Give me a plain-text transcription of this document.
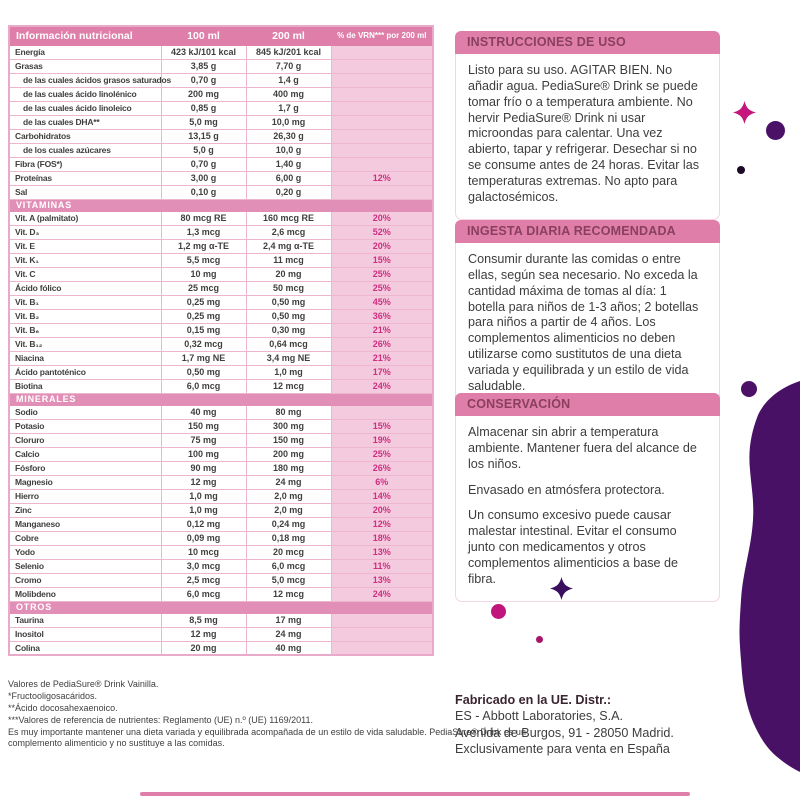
Información nutricional	100 ml	200 ml	% de VRN*** por 200 ml
Energía	423 kJ/101 kcal	845 kJ/201 kcal	
Grasas	3,85 g	7,70 g	
de las cuales ácidos grasos saturados	0,70 g	1,4 g	
de las cuales ácido linolénico	200 mg	400 mg	
de las cuales ácido linoleico	0,85 g	1,7 g	
de las cuales DHA**	5,0 mg	10,0 mg	
Carbohidratos	13,15 g	26,30 g	
de los cuales azúcares	5,0 g	10,0 g	
Fibra (FOS*)	0,70 g	1,40 g	
Proteínas	3,00 g	6,00 g	12%
Sal	0,10 g	0,20 g	
VITAMINAS			
Vit. A (palmitato)	80 mcg RE	160 mcg RE	20%
Vit. D₃	1,3 mcg	2,6 mcg	52%
Vit. E	1,2 mg α-TE	2,4 mg α-TE	20%
Vit. K₁	5,5 mcg	11 mcg	15%
Vit. C	10 mg	20 mg	25%
Ácido fólico	25 mcg	50 mcg	25%
Vit. B₁	0,25 mg	0,50 mg	45%
Vit. B₂	0,25 mg	0,50 mg	36%
Vit. B₆	0,15 mg	0,30 mg	21%
Vit. B₁₂	0,32 mcg	0,64 mcg	26%
Niacina	1,7 mg NE	3,4 mg NE	21%
Ácido pantoténico	0,50 mg	1,0 mg	17%
Biotina	6,0 mcg	12 mcg	24%
MINERALES			
Sodio	40 mg	80 mg	
Potasio	150 mg	300 mg	15%
Cloruro	75 mg	150 mg	19%
Calcio	100 mg	200 mg	25%
Fósforo	90 mg	180 mg	26%
Magnesio	12 mg	24 mg	6%
Hierro	1,0 mg	2,0 mg	14%
Zinc	1,0 mg	2,0 mg	20%
Manganeso	0,12 mg	0,24 mg	12%
Cobre	0,09 mg	0,18 mg	18%
Yodo	10 mcg	20 mcg	13%
Selenio	3,0 mcg	6,0 mcg	11%
Cromo	2,5 mcg	5,0 mcg	13%
Molibdeno	6,0 mcg	12 mcg	24%
OTROS			
Taurina	8,5 mg	17 mg	
Inositol	12 mg	24 mg	
Colina	20 mg	40 mg	
Valores de PediaSure® Drink Vainilla.
*Fructooligosacáridos.
**Ácido docosahexaenoico.
***Valores de referencia de nutrientes: Reglamento (UE) n.º (UE) 1169/2011.
Es muy importante mantener una dieta variada y equilibrada acompañada de un estilo de vida saludable. PediaSure® Drink es un complemento alimenticio y no sustituye a las comidas.
INSTRUCCIONES DE USO

Listo para su uso. AGITAR BIEN. No añadir agua. PediaSure® Drink se puede tomar frío o a temperatura ambiente. No hervir PediaSure® Drink ni usar microondas para calentar. Una vez abierto, tapar y refrigerar. Desechar si no se consume antes de 24 horas. Evitar las temperaturas extremas. No apto para galactosémicos.

INGESTA DIARIA RECOMENDADA

Consumir durante las comidas o entre ellas, según sea necesario. No exceda la cantidad máxima de tomas al día: 1 botella para niños de 1-3 años; 2 botellas para niños a partir de 4 años. Los complementos alimenticios no deben utilizarse como sustitutos de una dieta variada y equilibrada y un estilo de vida saludable.

CONSERVACIÓN

Almacenar sin abrir a temperatura ambiente. Mantener fuera del alcance de los niños.

Envasado en atmósfera protectora.

Un consumo excesivo puede causar malestar intestinal. Evitar el consumo junto con medicamentos y otros complementos alimenticios a base de fibra.

Fabricado en la UE. Distr.:
ES - Abbott Laboratories, S.A.
Avenida de Burgos, 91 - 28050 Madrid.
Exclusivamente para venta en España
